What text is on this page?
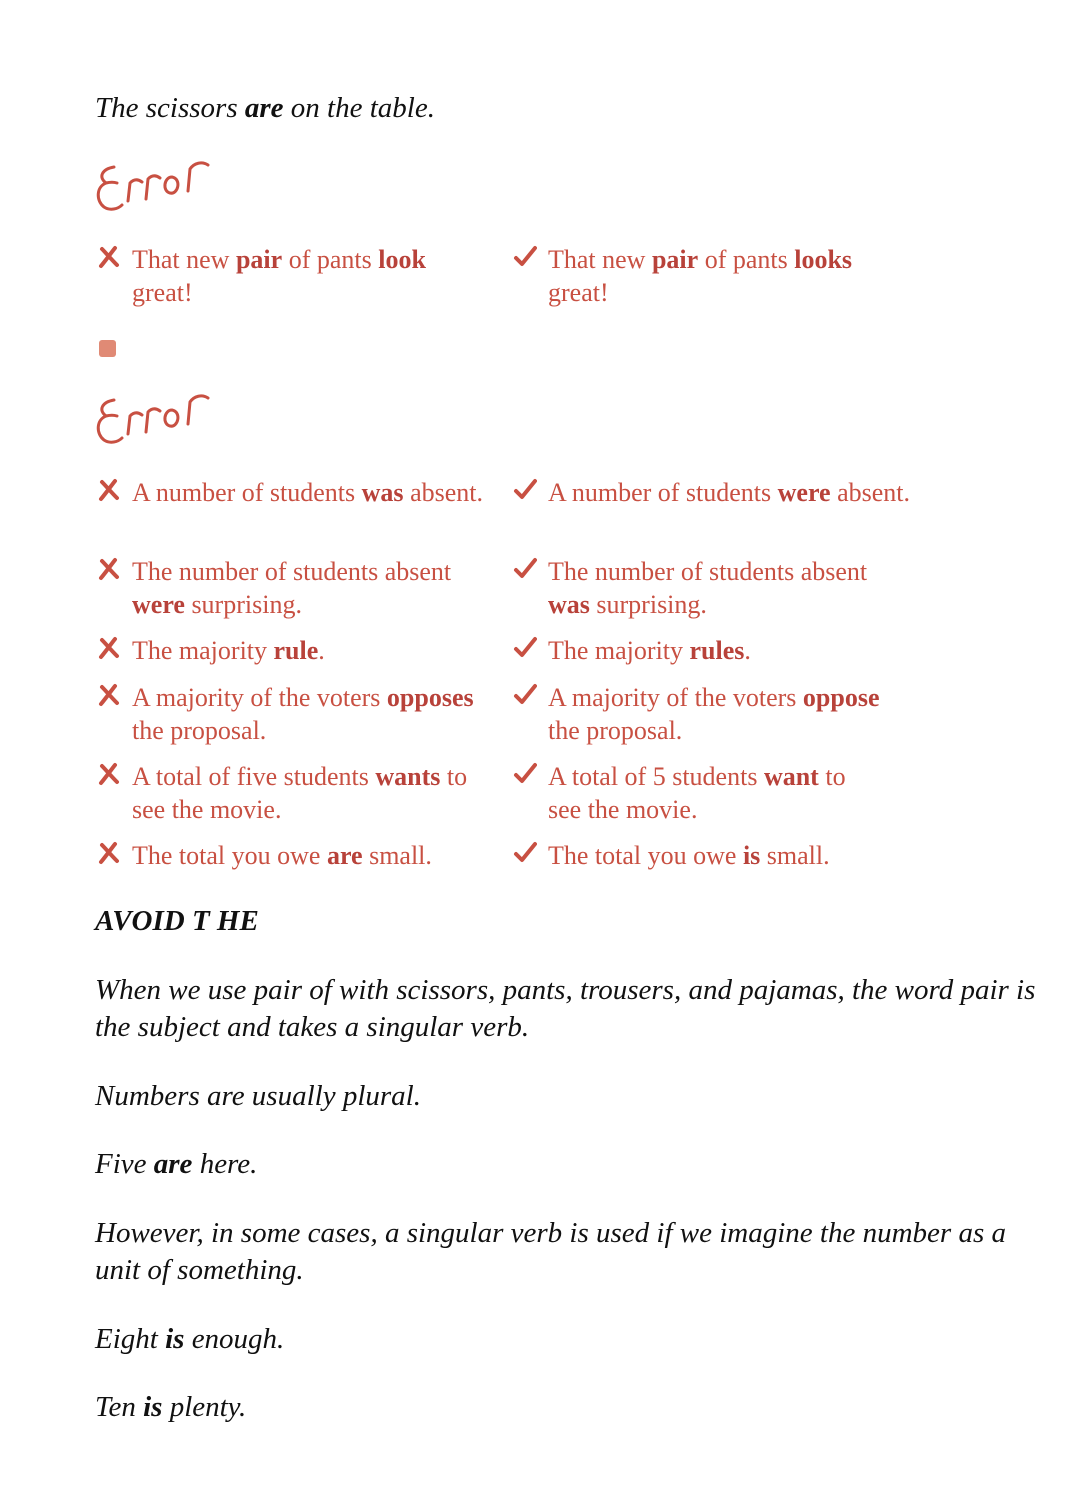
The scissors are on the table.
That new pair of pants look great!
That new pair of pants looks great!
A number of students was absent.
The number of students absent were surprising.
The majority rule.
A majority of the voters opposes the proposal.
A total of five students wants to see the movie.
The total you owe are small.
A number of students were absent.
The number of students absent was surprising.
The majority rules.
A majority of the voters oppose the proposal.
A total of 5 students want to see the movie.
The total you owe is small.
AVOID T HE
When we use pair of with scissors, pants, trousers, and pajamas, the word pair is the subject and takes a singular verb.
Numbers are usually plural.
Five are here.
However, in some cases, a singular verb is used if we imagine the number as a unit of something.
Eight is enough.
Ten is plenty.
